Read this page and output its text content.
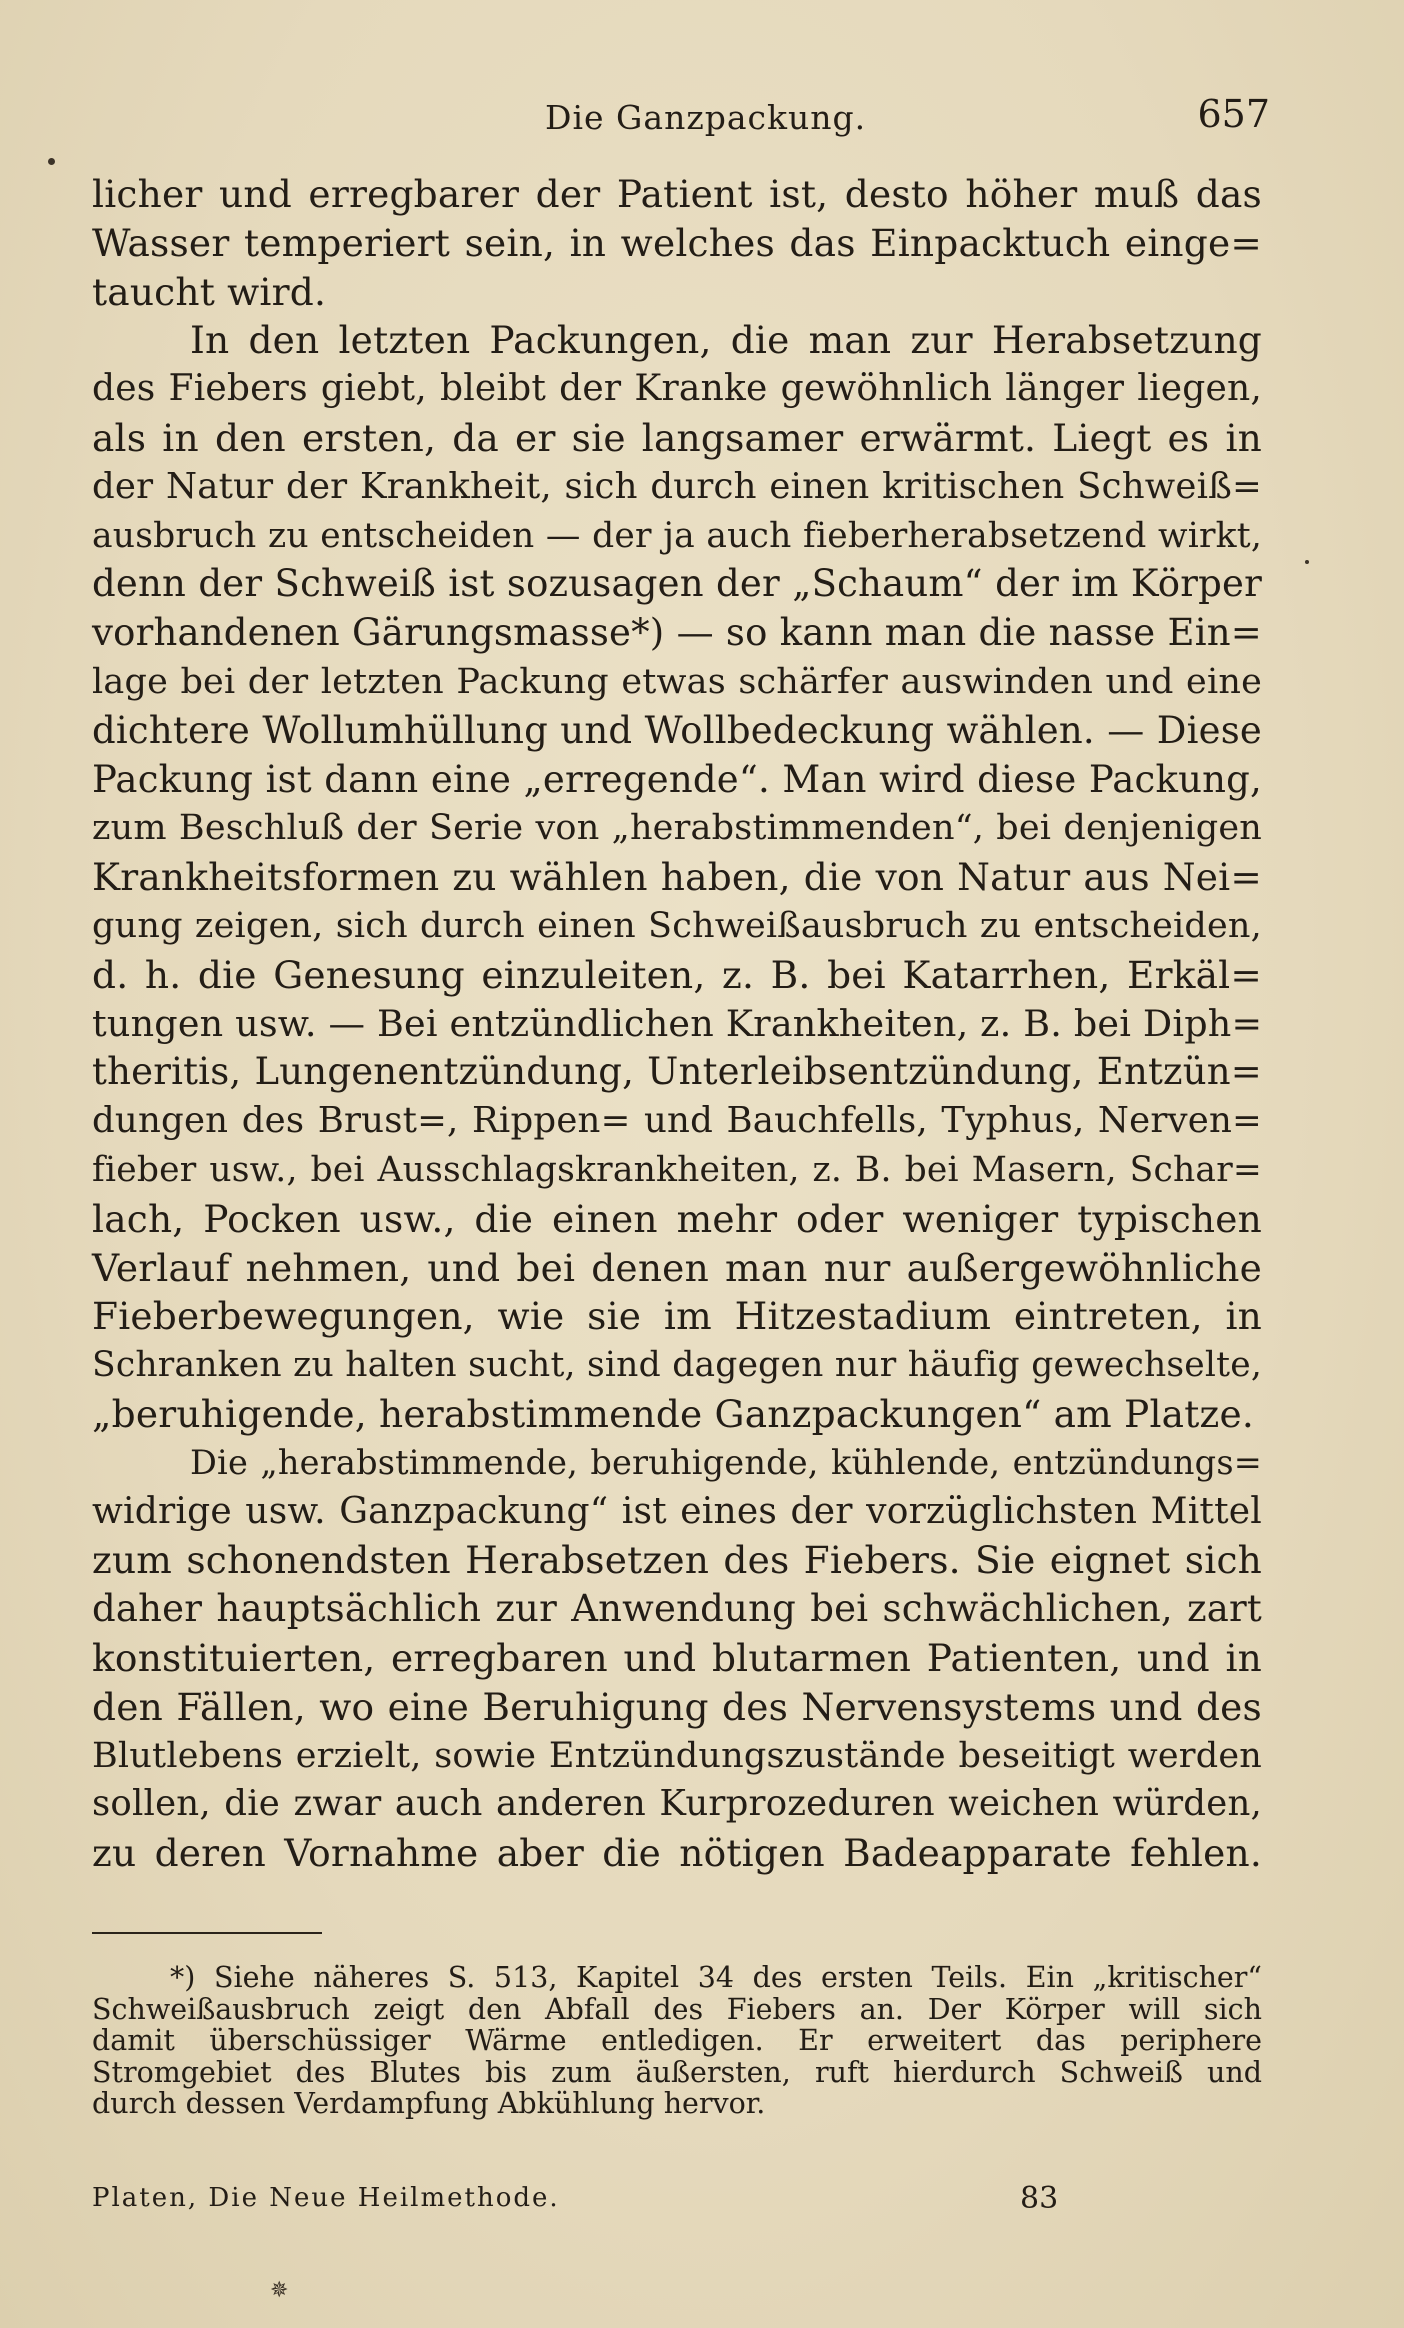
Die Ganzpackung.	657
licher und erregbarer der Patient ist, desto höher muß das
Wasser temperiert sein, in welches das Einpacktuch einge=
taucht wird.
In den letzten Packungen, die man zur Herabsetzung
des Fiebers giebt, bleibt der Kranke gewöhnlich länger liegen,
als in den ersten, da er sie langsamer erwärmt. Liegt es in
der Natur der Krankheit, sich durch einen kritischen Schweiß=
ausbruch zu entscheiden — der ja auch fieberherabsetzend wirkt,
denn der Schweiß ist sozusagen der „Schaum“ der im Körper
vorhandenen Gärungsmasse*) — so kann man die nasse Ein=
lage bei der letzten Packung etwas schärfer auswinden und eine
dichtere Wollumhüllung und Wollbedeckung wählen. — Diese
Packung ist dann eine „erregende“. Man wird diese Packung,
zum Beschluß der Serie von „herabstimmenden“, bei denjenigen
Krankheitsformen zu wählen haben, die von Natur aus Nei=
gung zeigen, sich durch einen Schweißausbruch zu entscheiden,
d. h. die Genesung einzuleiten, z. B. bei Katarrhen, Erkäl=
tungen usw. — Bei entzündlichen Krankheiten, z. B. bei Diph=
theritis, Lungenentzündung, Unterleibsentzündung, Entzün=
dungen des Brust=, Rippen= und Bauchfells, Typhus, Nerven=
fieber usw., bei Ausschlagskrankheiten, z. B. bei Masern, Schar=
lach, Pocken usw., die einen mehr oder weniger typischen
Verlauf nehmen, und bei denen man nur außergewöhnliche
Fieberbewegungen, wie sie im Hitzestadium eintreten, in
Schranken zu halten sucht, sind dagegen nur häufig gewechselte,
„beruhigende, herabstimmende Ganzpackungen“ am Platze.
Die „herabstimmende, beruhigende, kühlende, entzündungs=
widrige usw. Ganzpackung“ ist eines der vorzüglichsten Mittel
zum schonendsten Herabsetzen des Fiebers. Sie eignet sich
daher hauptsächlich zur Anwendung bei schwächlichen, zart
konstituierten, erregbaren und blutarmen Patienten, und in
den Fällen, wo eine Beruhigung des Nervensystems und des
Blutlebens erzielt, sowie Entzündungszustände beseitigt werden
sollen, die zwar auch anderen Kurprozeduren weichen würden,
zu deren Vornahme aber die nötigen Badeapparate fehlen.
*) Siehe näheres S. 513, Kapitel 34 des ersten Teils. Ein „kritischer“
Schweißausbruch zeigt den Abfall des Fiebers an. Der Körper will sich
damit überschüssiger Wärme entledigen. Er erweitert das periphere
Stromgebiet des Blutes bis zum äußersten, ruft hierdurch Schweiß und
durch dessen Verdampfung Abkühlung hervor.
Platen, Die Neue Heilmethode.	83
✵
